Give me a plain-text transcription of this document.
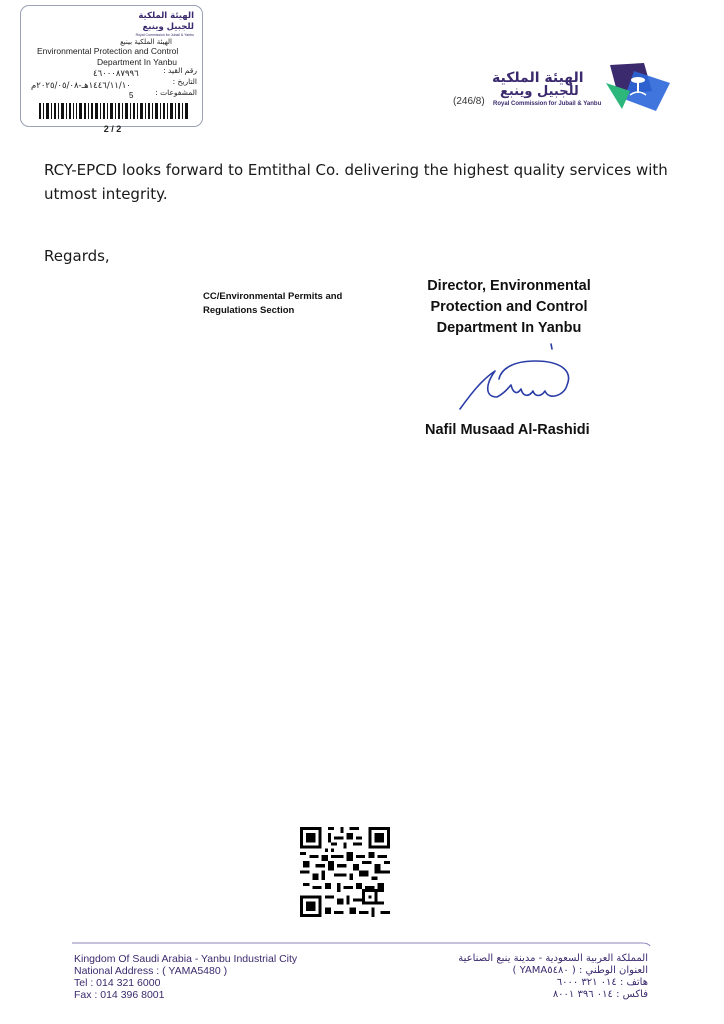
الهيئة الملكية
للجبيل وينبع
Royal Commission for Jubail & Yanbu
الهيئة الملكية بينبع
Environmental Protection and Control
Department In Yanbu
رقم القيد :
التاريخ :
المشفوعات :
٤٦٠٠٠٨٧٩٩٦
١٤٤٦/١١/١٠هـ-٢٠٢٥/٠٥/٠٨م
5
2 / 2
(246/8)
الهيئة الملكية
للجبيل وينبع
Royal Commission for Jubail & Yanbu
RCY-EPCD looks forward to Emtithal Co. delivering the highest quality services with utmost integrity.
Regards,
CC/Environmental Permits and
Regulations Section
Director, Environmental
Protection and Control
Department In Yanbu
Nafil Musaad Al-Rashidi
Kingdom Of Saudi Arabia - Yanbu Industrial City
National Address : ( YAMA5480 )
Tel : 014 321 6000
Fax : 014 396 8001
المملكة العربية السعودية - مدينة ينبع الصناعية
العنوان الوطني : ( YAMA٥٤٨٠ )
هاتف : ٠١٤ ٣٢١ ٦٠٠٠
فاكس : ٠١٤ ٣٩٦ ٨٠٠١
